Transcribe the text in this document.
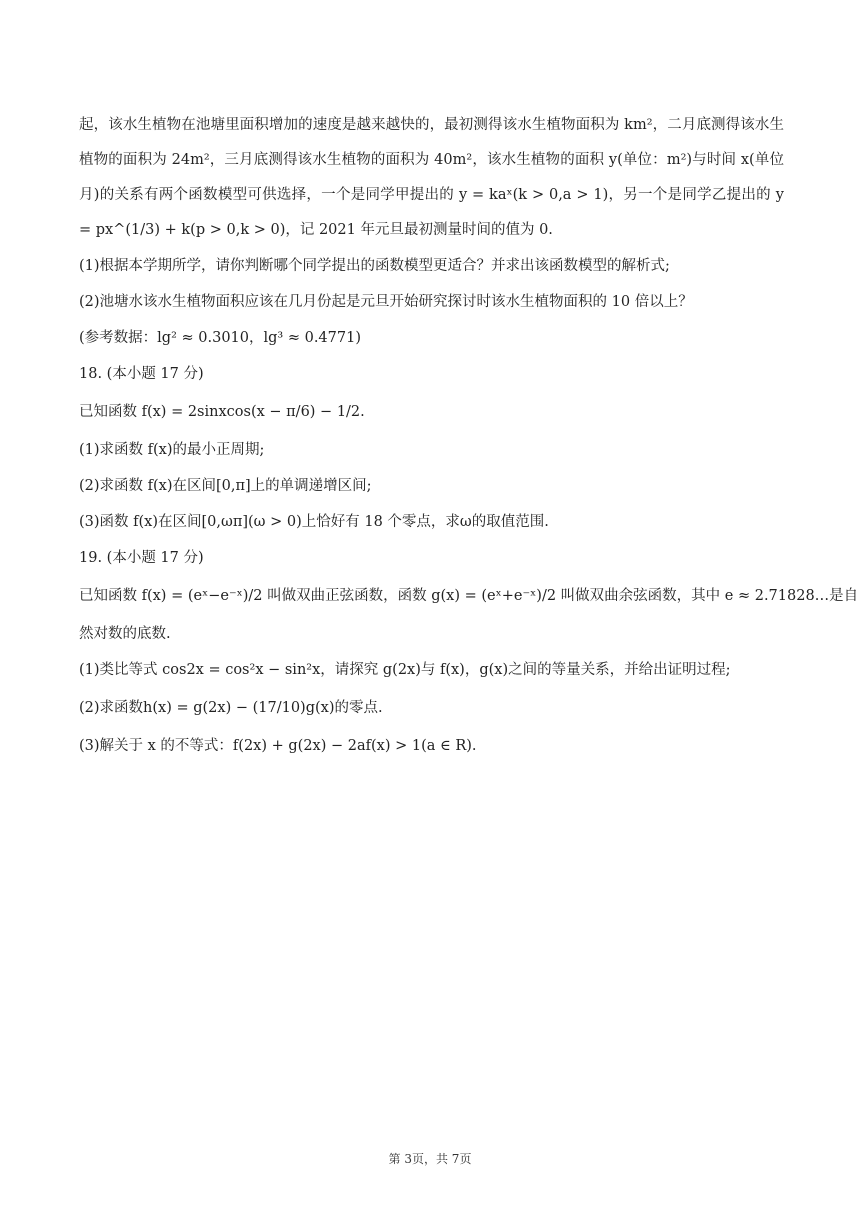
起，该水生植物在池塘里面积增加的速度是越来越快的，最初测得该水生植物面积为 km²，二月底测得该水生植物的面积为 24m²，三月底测得该水生植物的面积为 40m²，该水生植物的面积 y(单位：m²)与时间 x(单位月)的关系有两个函数模型可供选择，一个是同学甲提出的 y = kaˣ(k > 0,a > 1)，另一个是同学乙提出的 y = px^(1/3) + k(p > 0,k > 0)，记 2021 年元旦最初测量时间的值为 0.

(1)根据本学期所学，请你判断哪个同学提出的函数模型更适合？并求出该函数模型的解析式;

(2)池塘水该水生植物面积应该在几月份起是元旦开始研究探讨时该水生植物面积的 10 倍以上？

(参考数据：lg² ≈ 0.3010，lg³ ≈ 0.4771)

18. (本小题 17 分)

已知函数 f(x) = 2sinxcos(x − π/6) − 1/2.

(1)求函数 f(x)的最小正周期;

(2)求函数 f(x)在区间[0,π]上的单调递增区间;

(3)函数 f(x)在区间[0,ωπ](ω > 0)上恰好有 18 个零点，求ω的取值范围.

19. (本小题 17 分)

已知函数 f(x) = (eˣ−e⁻ˣ)/2 叫做双曲正弦函数，函数 g(x) = (eˣ+e⁻ˣ)/2 叫做双曲余弦函数，其中 e ≈ 2.71828…是自

然对数的底数.

(1)类比等式 cos2x = cos²x − sin²x，请探究 g(2x)与 f(x)，g(x)之间的等量关系，并给出证明过程;

(2)求函数h(x) = g(2x) − (17/10)g(x)的零点.

(3)解关于 x 的不等式：f(2x) + g(2x) − 2af(x) > 1(a ∈ R).

第 3页，共 7页
